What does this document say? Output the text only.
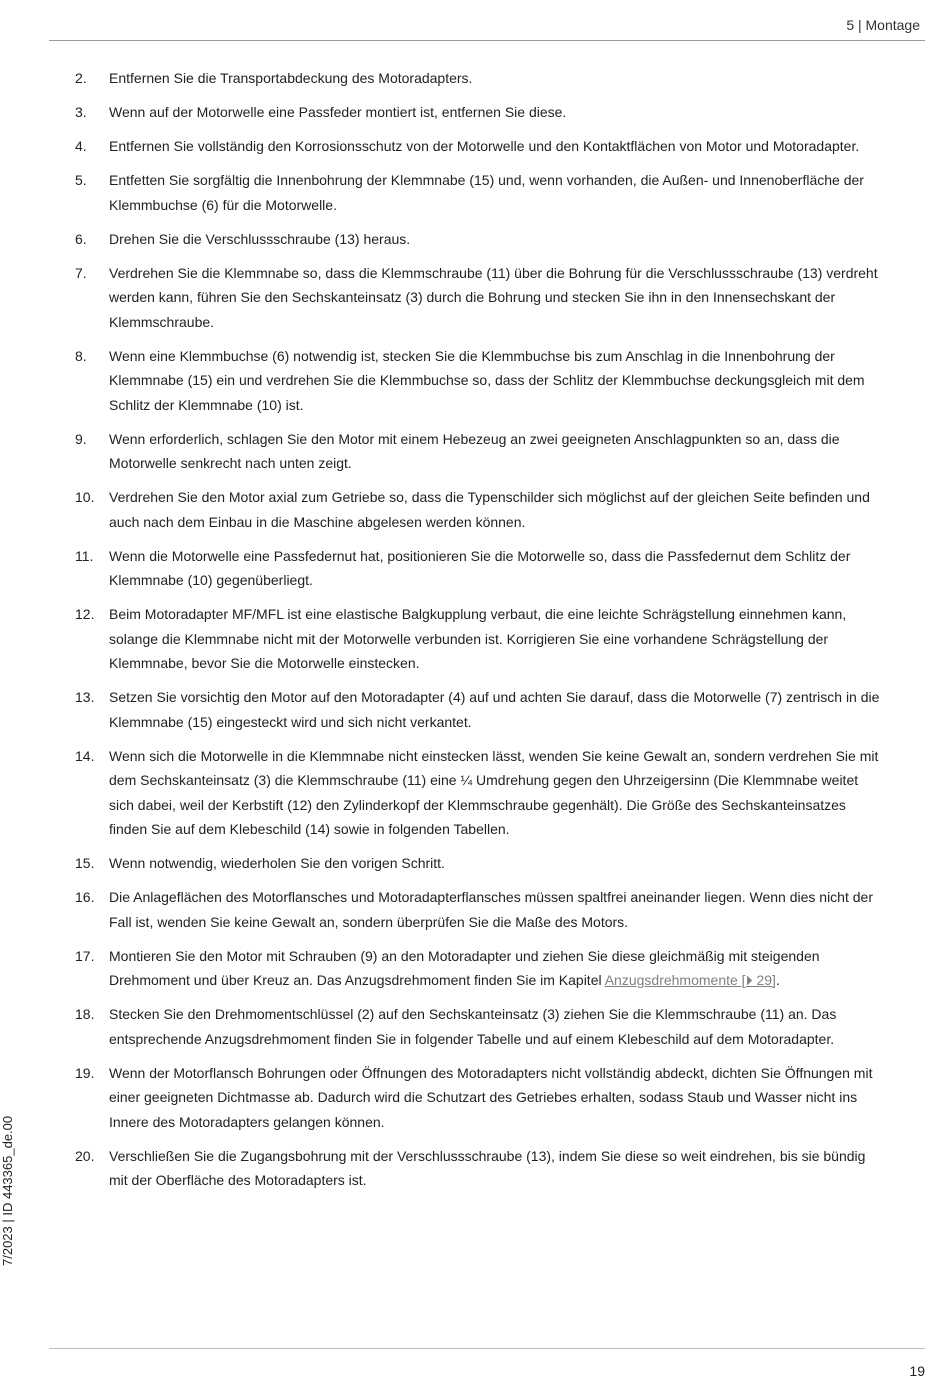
5 | Montage
2.	Entfernen Sie die Transportabdeckung des Motoradapters.
3.	Wenn auf der Motorwelle eine Passfeder montiert ist, entfernen Sie diese.
4.	Entfernen Sie vollständig den Korrosionsschutz von der Motorwelle und den Kontaktflächen von Motor und Motoradapter.
5.	Entfetten Sie sorgfältig die Innenbohrung der Klemmnabe (15) und, wenn vorhanden, die Außen- und Innenoberfläche der Klemmbuchse (6) für die Motorwelle.
6.	Drehen Sie die Verschlussschraube (13) heraus.
7.	Verdrehen Sie die Klemmnabe so, dass die Klemmschraube (11) über die Bohrung für die Verschlussschraube (13) verdreht werden kann, führen Sie den Sechskanteinsatz (3) durch die Bohrung und stecken Sie ihn in den Innensechskant der Klemmschraube.
8.	Wenn eine Klemmbuchse (6) notwendig ist, stecken Sie die Klemmbuchse bis zum Anschlag in die Innenbohrung der Klemmnabe (15) ein und verdrehen Sie die Klemmbuchse so, dass der Schlitz der Klemmbuchse deckungsgleich mit dem Schlitz der Klemmnabe (10) ist.
9.	Wenn erforderlich, schlagen Sie den Motor mit einem Hebezeug an zwei geeigneten Anschlagpunkten so an, dass die Motorwelle senkrecht nach unten zeigt.
10.	Verdrehen Sie den Motor axial zum Getriebe so, dass die Typenschilder sich möglichst auf der gleichen Seite befinden und auch nach dem Einbau in die Maschine abgelesen werden können.
11.	Wenn die Motorwelle eine Passfedernut hat, positionieren Sie die Motorwelle so, dass die Passfedernut dem Schlitz der Klemmnabe (10) gegenüberliegt.
12.	Beim Motoradapter MF/MFL ist eine elastische Balgkupplung verbaut, die eine leichte Schrägstellung einnehmen kann, solange die Klemmnabe nicht mit der Motorwelle verbunden ist. Korrigieren Sie eine vorhandene Schrägstellung der Klemmnabe, bevor Sie die Motorwelle einstecken.
13.	Setzen Sie vorsichtig den Motor auf den Motoradapter (4) auf und achten Sie darauf, dass die Motorwelle (7) zentrisch in die Klemmnabe (15) eingesteckt wird und sich nicht verkantet.
14.	Wenn sich die Motorwelle in die Klemmnabe nicht einstecken lässt, wenden Sie keine Gewalt an, sondern verdrehen Sie mit dem Sechskanteinsatz (3) die Klemmschraube (11) eine ¼ Umdrehung gegen den Uhrzeigersinn (Die Klemmnabe weitet sich dabei, weil der Kerbstift (12) den Zylinderkopf der Klemmschraube gegenhält). Die Größe des Sechskanteinsatzes finden Sie auf dem Klebeschild (14) sowie in folgenden Tabellen.
15.	Wenn notwendig, wiederholen Sie den vorigen Schritt.
16.	Die Anlageflächen des Motorflansches und Motoradapterflansches müssen spaltfrei aneinander liegen. Wenn dies nicht der Fall ist, wenden Sie keine Gewalt an, sondern überprüfen Sie die Maße des Motors.
17.	Montieren Sie den Motor mit Schrauben (9) an den Motoradapter und ziehen Sie diese gleichmäßig mit steigenden Drehmoment und über Kreuz an. Das Anzugsdrehmoment finden Sie im Kapitel Anzugsdrehmomente [⏵ 29].
18.	Stecken Sie den Drehmomentschlüssel (2) auf den Sechskanteinsatz (3) ziehen Sie die Klemmschraube (11) an. Das entsprechende Anzugsdrehmoment finden Sie in folgender Tabelle und auf einem Klebeschild auf dem Motoradapter.
19.	Wenn der Motorflansch Bohrungen oder Öffnungen des Motoradapters nicht vollständig abdeckt, dichten Sie Öffnungen mit einer geeigneten Dichtmasse ab. Dadurch wird die Schutzart des Getriebes erhalten, sodass Staub und Wasser nicht ins Innere des Motoradapters gelangen können.
20.	Verschließen Sie die Zugangsbohrung mit der Verschlussschraube (13), indem Sie diese so weit eindrehen, bis sie bündig mit der Oberfläche des Motoradapters ist.
7/2023 | ID 443365_de.00
19
